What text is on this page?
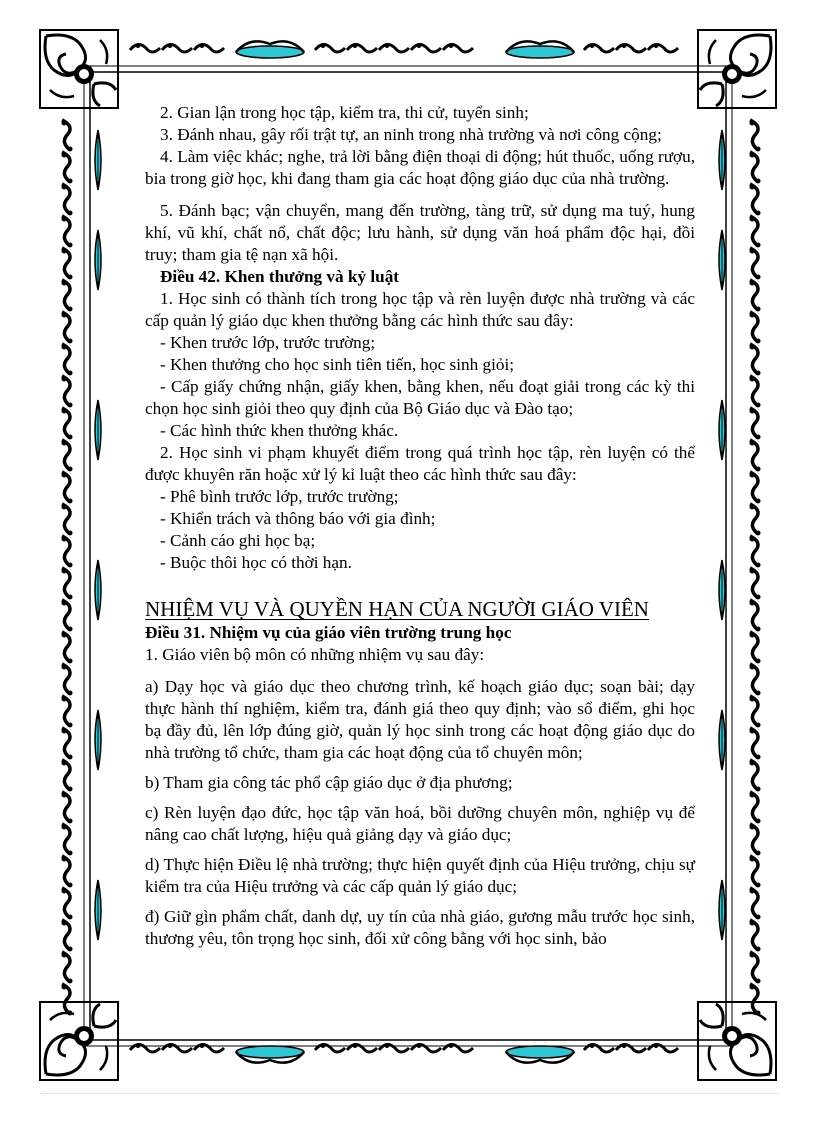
2. Gian lận trong học tập, kiểm tra, thi cử, tuyển sinh;

3. Đánh nhau, gây rối trật tự, an ninh trong nhà trường và nơi công cộng;

4. Làm việc khác; nghe, trả lời bằng điện thoại di động; hút thuốc, uống rượu, bia trong giờ học, khi đang tham gia các hoạt động giáo dục của nhà trường.

5. Đánh bạc; vận chuyển, mang đến trường, tàng trữ, sử dụng ma tuý, hung khí, vũ khí, chất nổ, chất độc; lưu hành, sử dụng văn hoá phẩm độc hại, đồi truy; tham gia tệ nạn xã hội.

Điều 42. Khen thưởng và kỷ luật

1. Học sinh có thành tích trong học tập và rèn luyện được nhà trường và các cấp quản lý giáo dục khen thưởng bằng các hình thức sau đây:

- Khen trước lớp, trước trường;

- Khen thưởng cho học sinh tiên tiến, học sinh giỏi;

- Cấp giấy chứng nhận, giấy khen, bằng khen, nếu đoạt giải trong các kỳ thi chọn học sinh giỏi theo quy định của Bộ Giáo dục và Đào tạo;

- Các hình thức khen thưởng khác.

2. Học sinh vi phạm khuyết điểm trong quá trình học tập, rèn luyện có thể được khuyên răn hoặc xử lý kỉ luật theo các hình thức sau đây:

- Phê bình trước lớp, trước trường;

- Khiển trách và thông báo với gia đình;

- Cảnh cáo ghi học bạ;

- Buộc thôi học có thời hạn.

NHIỆM VỤ VÀ QUYỀN HẠN CỦA NGƯỜI GIÁO VIÊN

Điều 31. Nhiệm vụ của giáo viên trường trung học

1. Giáo viên bộ môn có những nhiệm vụ sau đây:

a) Dạy học và giáo dục theo chương trình, kế hoạch giáo dục; soạn bài; dạy thực hành thí nghiệm, kiểm tra, đánh giá theo quy định; vào sổ điểm, ghi học bạ đầy đủ, lên lớp đúng giờ, quản lý học sinh trong các hoạt động giáo dục do nhà trường tổ chức, tham gia các hoạt động của tổ chuyên môn;

b) Tham gia công tác phổ cập giáo dục ở địa phương;

c) Rèn luyện đạo đức, học tập văn hoá, bồi dưỡng chuyên môn, nghiệp vụ để nâng cao chất lượng, hiệu quả giảng dạy và giáo dục;

d) Thực hiện Điều lệ nhà trường; thực hiện quyết định của Hiệu trưởng, chịu sự kiểm tra của Hiệu trưởng và các cấp quản lý giáo dục;

đ) Giữ gìn phẩm chất, danh dự, uy tín của nhà giáo, gương mẫu trước học sinh, thương yêu, tôn trọng học sinh, đối xử công bằng với học sinh, bảo
